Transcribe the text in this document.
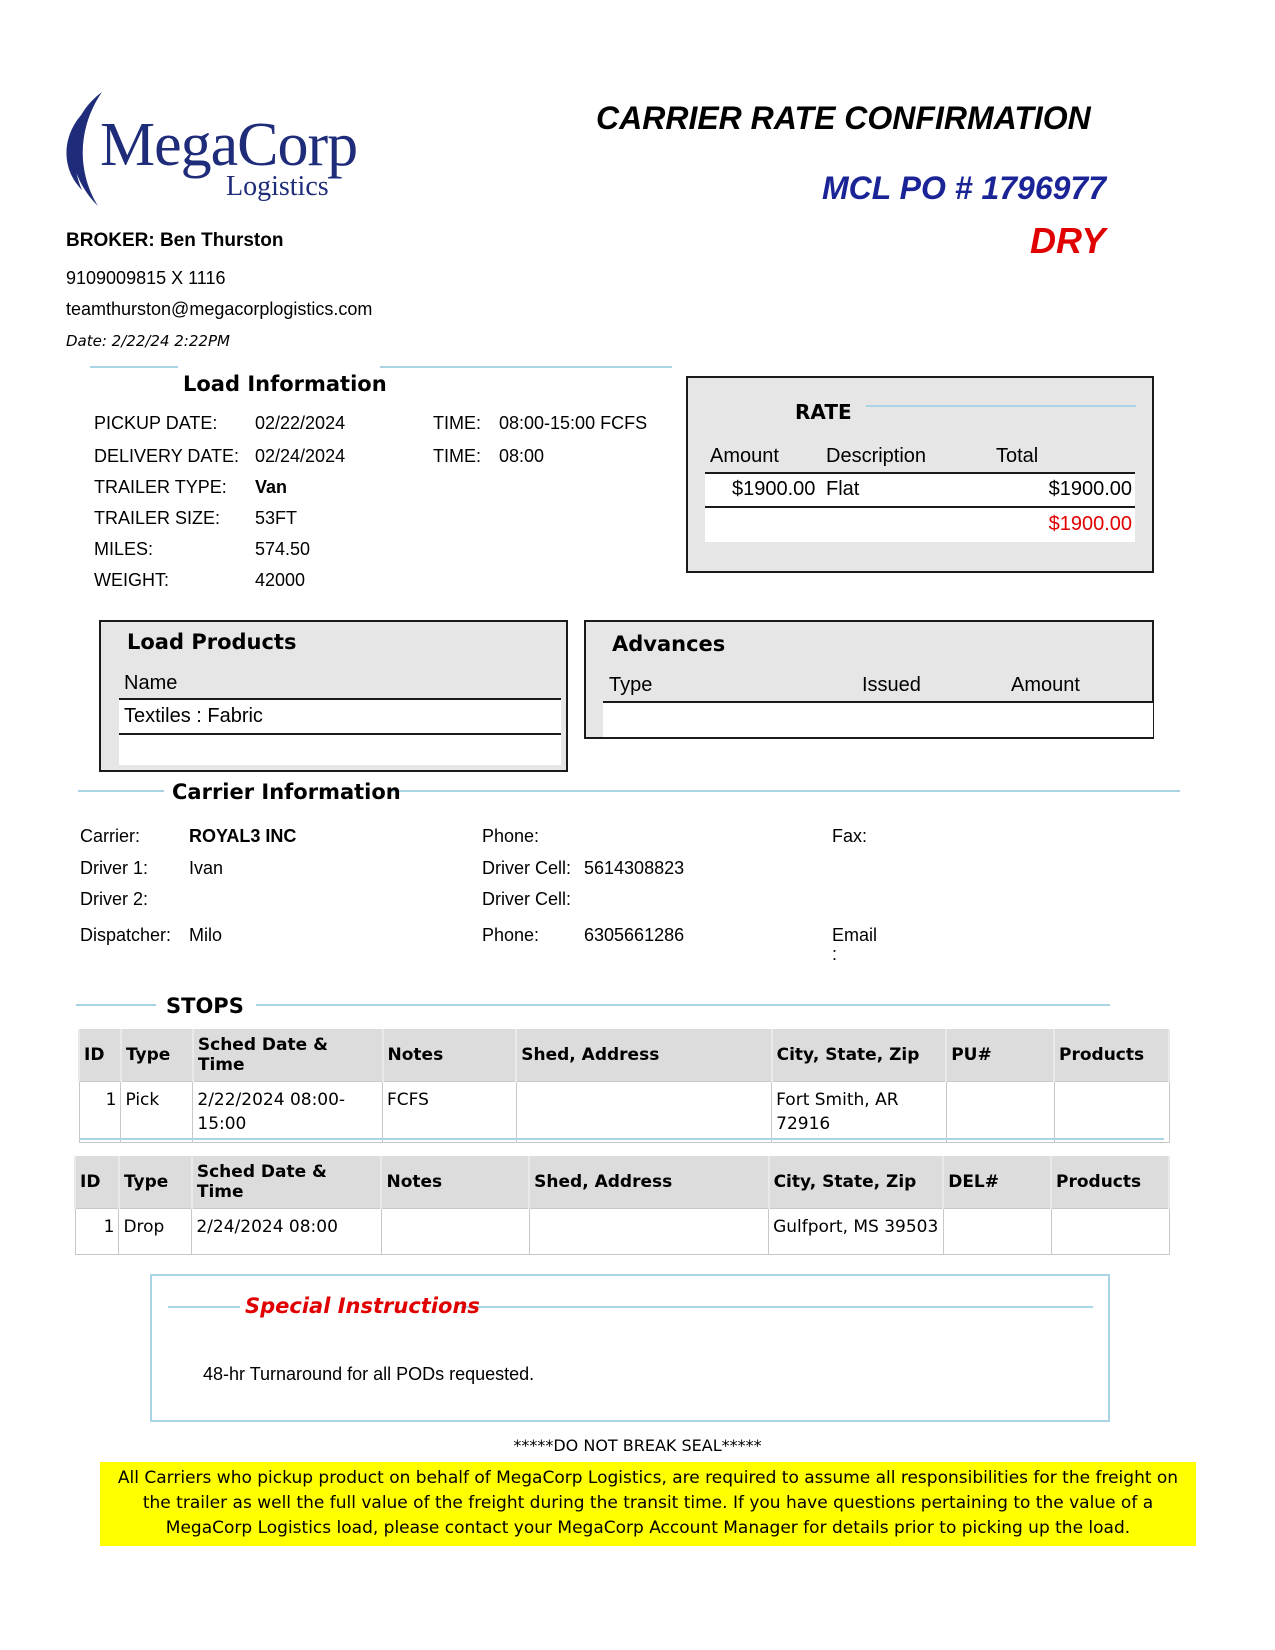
MegaCorp
Logistics
CARRIER RATE CONFIRMATION
MCL PO # 1796977
DRY
BROKER: Ben Thurston
9109009815 X 1116
teamthurston@megacorplogistics.com
Date: 2/22/24 2:22PM
Load Information
PICKUP DATE: 02/22/2024	TIME: 08:00-15:00 FCFS
DELIVERY DATE: 02/24/2024	TIME: 08:00
TRAILER TYPE: Van
TRAILER SIZE: 53FT
MILES:	574.50
WEIGHT:	42000
RATE
Amount Description	Total
$1900.00 Flat	$1900.00
$1900.00
Load Products
Name
Textiles : Fabric
Advances
Type	Issued	Amount
Carrier Information
Carrier:	ROYAL3 INC	Phone:	Fax:
Driver 1: Ivan	Driver Cell: 5614308823
Driver 2:	Driver Cell:
Dispatcher: Milo	Phone: 6305661286	Email
:
STOPS
ID	Type	Sched Date & Time	Notes	Shed, Address	City, State, Zip	PU#	Products
1	Pick	2/22/2024 08:00-15:00	FCFS		Fort Smith, AR 72916		
ID	Type	Sched Date & Time	Notes	Shed, Address	City, State, Zip	DEL#	Products
1	Drop	2/24/2024 08:00			Gulfport, MS 39503		
Special Instructions
48-hr Turnaround for all PODs requested.
*****DO NOT BREAK SEAL*****
All Carriers who pickup product on behalf of MegaCorp Logistics, are required to assume all responsibilities for the freight on the trailer as well the full value of the freight during the transit time. If you have questions pertaining to the value of a MegaCorp Logistics load, please contact your MegaCorp Account Manager for details prior to picking up the load.
